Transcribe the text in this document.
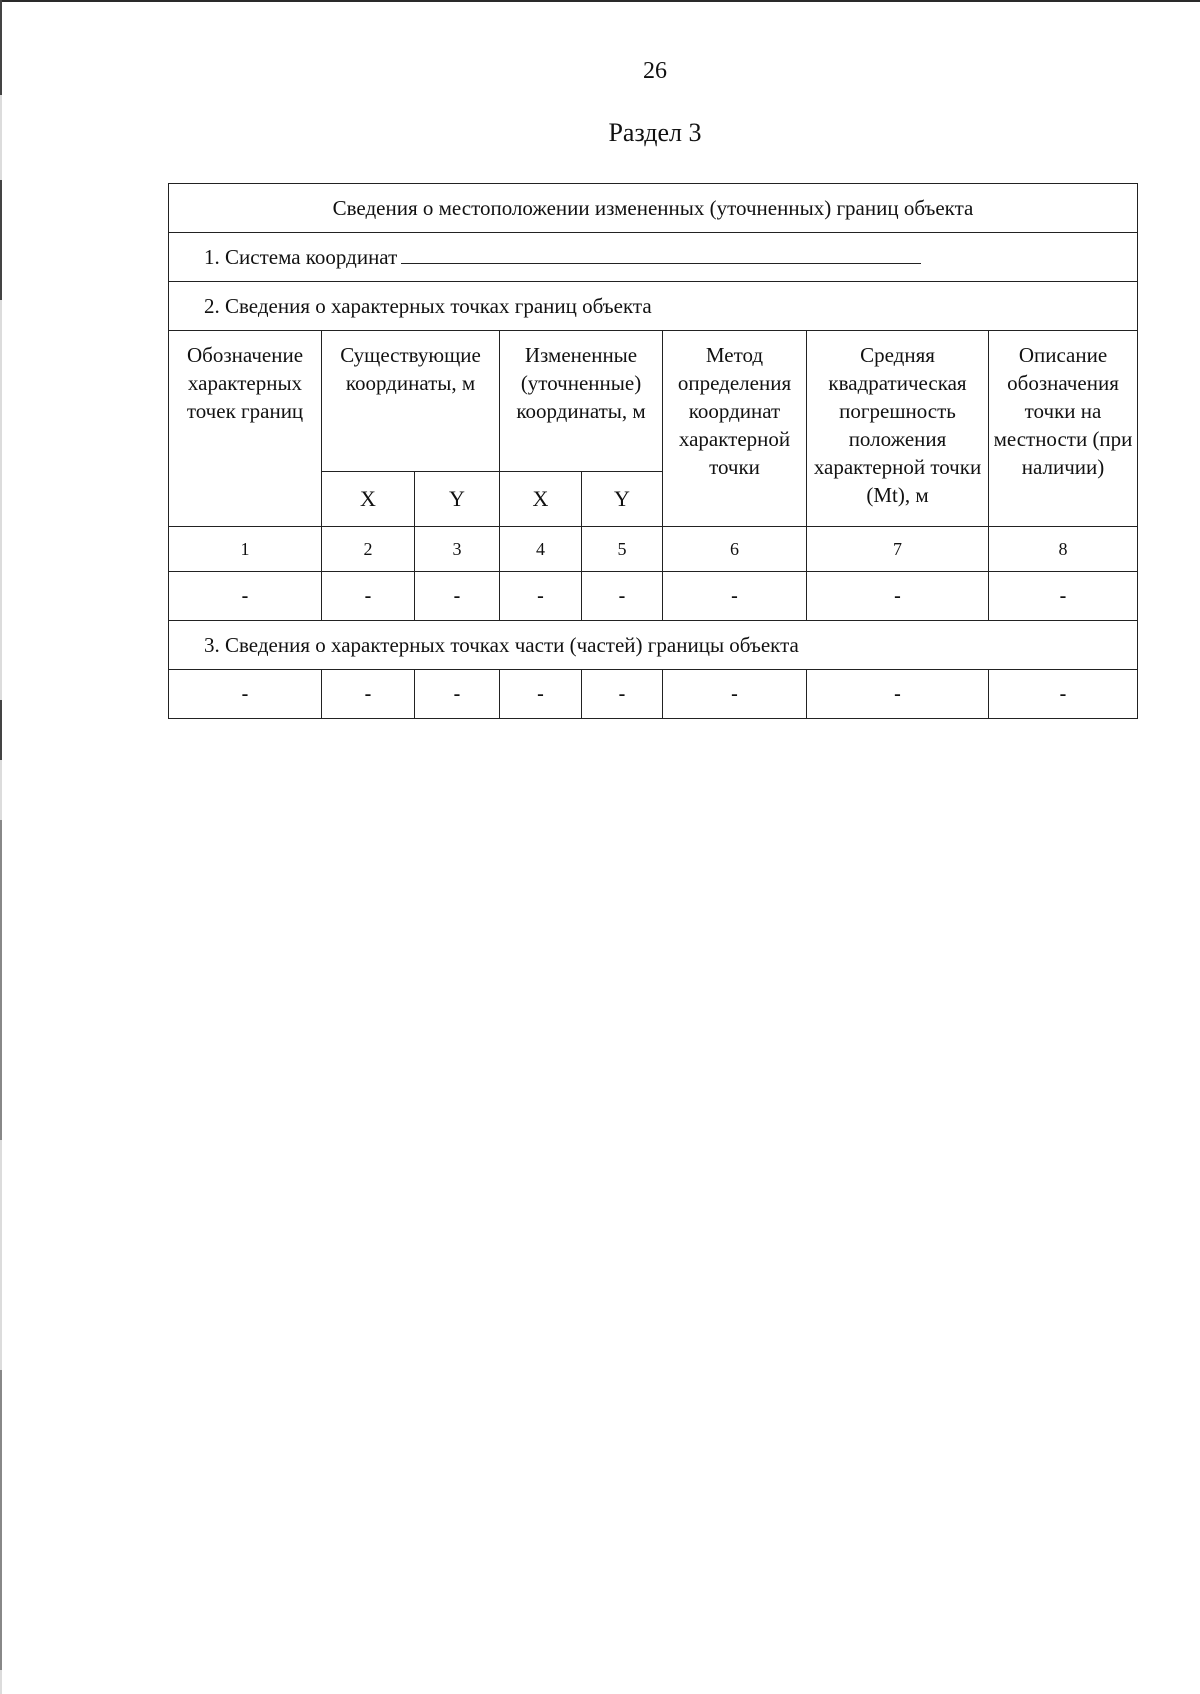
26
Раздел 3
Сведения о местоположении измененных (уточненных) границ объекта							
1. Система координат							
2. Сведения о характерных точках границ объекта							

Обозначение характерных точек границ	Существующие координаты, м		Измененные (уточненные) координаты, м		Метод определения координат характерной точки	Средняя квадратическая погрешность положения характерной точки (Mt), м	Описание обозначения точки на местности (при наличии)

	X	Y	X	Y			
1	2	3	4	5	6	7	8
-	-	-	-	-	-	-	-
3. Сведения о характерных точках части (частей) границы объекта							
-	-	-	-	-	-	-	-
